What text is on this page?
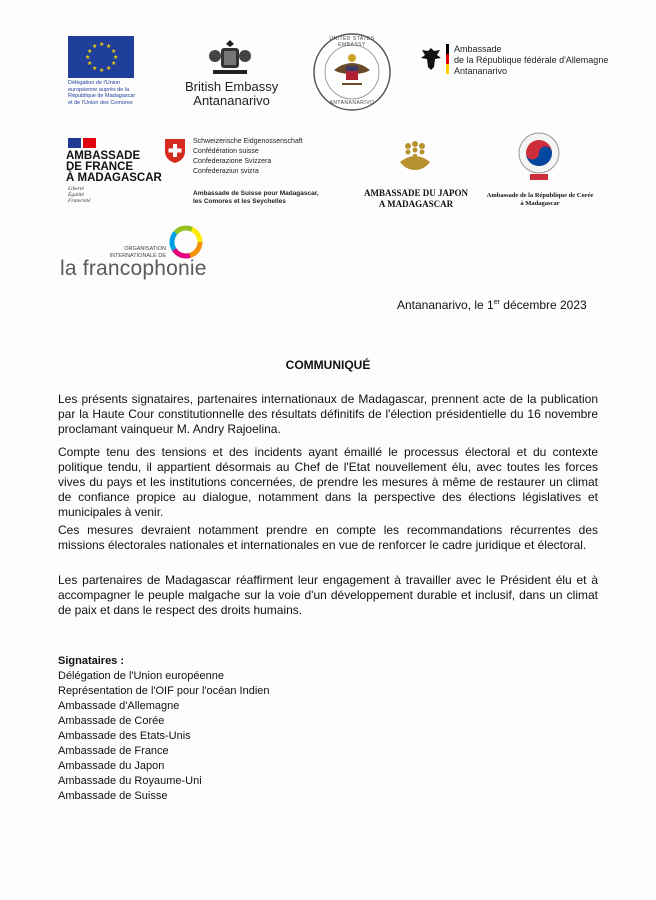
★ ★
★
★
★
★
★
★
★
★
★
★
Délégation de l'Union
européenne auprès de la
République de Madagascar
et de l'Union des Comores
British Embassy
Antananarivo
UNITED STATES EMBASSY
ANTANANARIVO
Ambassade
de la République fédérale d'Allemagne
Antananarivo
AMBASSADE
DE FRANCE
À MADAGASCAR
Liberté
Égalité
Fraternité
Schweizerische Eidgenossenschaft
Confédération suisse
Confederazione Svizzera
Confederaziun svizra
Ambassade de Suisse pour Madagascar,
les Comores et les Seychelles
AMBASSADE DU JAPON
A MADAGASCAR
Ambassade de la République de Corée
à Madagascar
ORGANISATION
INTERNATIONALE DE
la francophonie
Antananarivo, le 1er décembre 2023
COMMUNIQUÉ

Les présents signataires, partenaires internationaux de Madagascar, prennent acte de la publication par la Haute Cour constitutionnelle des résultats définitifs de l'élection présidentielle du 16 novembre proclamant vainqueur M. Andry Rajoelina.

Compte tenu des tensions et des incidents ayant émaillé le processus électoral et du contexte politique tendu, il appartient désormais au Chef de l'Etat nouvellement élu, avec toutes les forces vives du pays et les institutions concernées, de prendre les mesures à même de restaurer un climat de confiance propice au dialogue, notamment dans la perspective des élections législatives et municipales à venir.

Ces mesures devraient notamment prendre en compte les recommandations récurrentes des missions électorales nationales et internationales en vue de renforcer le cadre juridique et électoral.

Les partenaires de Madagascar réaffirment leur engagement à travailler avec le Président élu et à accompagner le peuple malgache sur la voie d'un développement durable et inclusif, dans un climat de paix et dans le respect des droits humains.

Signataires :
Délégation de l'Union européenne
Représentation de l'OIF pour l'océan Indien
Ambassade d'Allemagne
Ambassade de Corée
Ambassade des Etats-Unis
Ambassade de France
Ambassade du Japon
Ambassade du Royaume-Uni
Ambassade de Suisse
